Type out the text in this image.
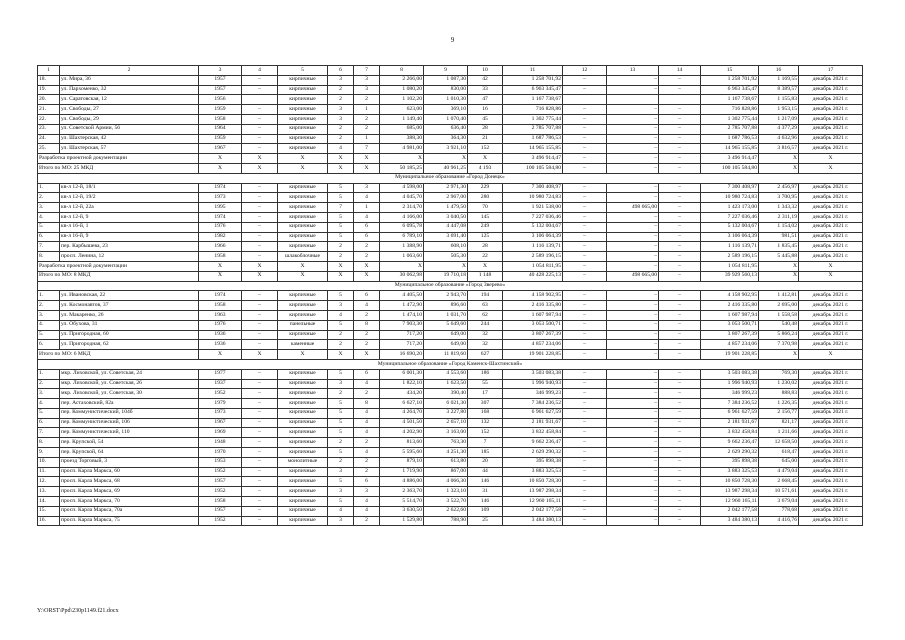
9
1	2	3	4	5	6	7	8	9	10	11	12	13	14	15	16	17
18.	ул. Мира, 36	1957	–	кирпичные	3	3	2 266,00	1 087,30	42	1 258 701,92	–	–	–	1 258 701,92	1 169,55	декабрь 2021 г.
19.	ул. Пархоменко, 32	1957	–	кирпичные	2	3	1 080,20	830,00	33	6 963 345,47	–	–	–	6 963 345,47	8 389,57	декабрь 2021 г.
20.	ул. Саратовская, 12	1956		кирпичные	2	2	1 102,20	1 010,30	47	1 167 738,67				1 167 738,67	1 155,83	декабрь 2021 г.
21.	ул. Свободы, 27	1959	–	кирпичные	3	1	623,00	369,10	16	716 828,86	–	–	–	716 828,86	1 953,15	декабрь 2021 г.
22.	ул. Свободы, 29	1958	–	кирпичные	3	2	1 149,40	1 070,40	45	1 302 775,44	–	–	–	1 302 775,44	1 217,09	декабрь 2021 г.
23.	ул. Советской Армии, 56	1964	–	кирпичные	2	2	685,00	636,40	28	2 785 707,88	–	–	–	2 785 707,88	4 377,29	декабрь 2021 г.
24.	ул. Шахтерская, 42	1959	–	кирпичные	2	1	388,30	364,30	21	1 687 786,53	–	–	–	1 687 786,53	4 632,96	декабрь 2021 г.
25.	ул. Шахтерская, 57	1967	–	кирпичные	4	7	4 981,00	3 921,10	152	14 965 155,85	–	–	–	14 965 155,85	3 816,57	декабрь 2021 г.
Разработка проектной документации		X	X	X	X	X	X	X	X	3 496 914,47	–	–	–	3 496 914,47	X	X
Итого по МО: 25 МКД		X	X	X	X	X	50 185,25	40 961,25	4 193	100 105 584,80	–	–	–	100 105 584,80	X	X
Муниципальное образование «Город Донецк»																
1.	кв-л 12-й, 18/1	1974	–	кирпичные	5	3	4 598,00	2 971,30	229	7 300 408,97	–	–	–	7 300 408,97	2 456,97	декабрь 2021 г.
2.	кв-л 12-й, 19/2	1973	–	кирпичные	5	4	4 045,70	2 967,00	280	10 980 724,83	–	–	–	10 980 724,83	3 700,95	декабрь 2021 г.
3.	кв-л 12-й, 22а	1995	–	кирпичные	7	1	2 314,70	1 479,50	70	1 921 538,00	–	498 665,00	–	1 423 173,00	1 343,32	декабрь 2021 г.
4.	кв-л 12-й, 9	1974	–	кирпичные	5	4	4 166,00	3 040,50	145	7 227 036,46	–	–	–	7 227 036,46	2 311,19	декабрь 2021 г.
5.	кв-л 16-й, 1	1976	–	кирпичные	5	6	6 095,78	4 447,08	249	5 132 004,67	–	–	–	5 132 004,67	1 154,02	декабрь 2021 г.
6.	кв-л 16-й, 9	1982	–	кирпичные	5	6	6 789,10	3 691,40	125	3 106 064,39	–	–	–	3 106 064,39	981,51	декабрь 2021 г.
7.	пер. Карбышева, 23	1966	–	кирпичные	2	2	1 388,90	608,10	28	1 116 139,71	–	–	–	1 116 139,71	1 835,45	декабрь 2021 г.
8.	просп. Ленина, 12	1958	–	шлакоблочные	2	2	1 063,60	505,30	22	2 589 196,15	–	–	–	2 589 196,15	5 445,88	декабрь 2021 г.
Разработка проектной документации		X	X	X	X	X	X	X	X	1 054 811,95	–	–	–	1 054 811,95	X	X
Итого по МО: 8 МКД		X	X	X	X	X	30 062,98	19 710,18	1 148	40 428 225,13	–	498 665,00	–	39 929 560,13	X	X
Муниципальное образование «Город Зверево»																
1.	ул. Ивановская, 22	1974	–	кирпичные	5	6	4 405,50	2 943,70	194	4 158 902,95	–	–	–	4 158 902,95	1 412,81	декабрь 2021 г.
2.	ул. Космонавтов, 37	1958	–	кирпичные	3	4	1 472,90	896,60	63	2 416 335,80	–	–	–	2 416 335,80	2 695,00	декабрь 2021 г.
3.	ул. Макаренко, 26	1963	–	кирпичные	4	2	1 474,10	1 031,70	62	1 607 987,94	–	–	–	1 607 987,94	1 558,58	декабрь 2021 г.
4.	ул. Обухова, 31	1976	–	панельные	5	8	7 903,30	5 649,60	244	3 053 500,71	–	–	–	3 053 500,71	540,48	декабрь 2021 г.
5.	ул. Пригородная, 60	1936	–	кирпичные	2	2	717,20	649,00	32	3 807 267,39	–	–	–	3 807 267,39	5 866,24	декабрь 2021 г.
6.	ул. Пригородная, 62	1936	–	каменные	2	2	717,20	649,00	32	4 857 234,06	–	–	–	4 857 234,06	7 370,98	декабрь 2021 г.
Итого по МО: 6 МКД		X	X	X	X	X	16 690,20	11 819,60	627	19 901 228,85	–	–	–	19 901 228,85	X	X
Муниципальное образование «Город Каменск-Шахтинский»																
1.	мкр. Лиховской, ул. Советская, 24	1977	–	кирпичные	5	6	6 001,30	4 553,60	186	3 503 083,38	–	–	–	3 503 083,38	769,30	декабрь 2021 г.
2.	мкр. Лиховской, ул. Советская, 26	1937	–	кирпичные	3	4	1 822,10	1 623,50	55	1 996 940,93	–	–	–	1 996 940,93	1 230,02	декабрь 2021 г.
3.	мкр. Лиховской, ул. Советская, 30	1952	–	кирпичные	2	2	434,20	390,40	17	346 999,23	–	–	–	346 999,23	888,83	декабрь 2021 г.
4.	пер. Астаховский, 82а	1979	–	кирпичные	5	8	6 627,10	6 021,30	307	7 384 236,52	–	–	–	7 384 236,52	1 226,35	декабрь 2021 г.
5.	пер. Коммунистический, 104б	1973	–	кирпичные	5	4	4 264,70	3 227,80	168	6 961 627,59	–	–	–	6 961 627,59	2 156,77	декабрь 2021 г.
6.	пер. Коммунистический, 106	1967	–	кирпичные	5	4	4 501,50	2 657,10	132	2 181 931,67	–	–	–	2 181 931,67	821,17	декабрь 2021 г.
7.	пер. Коммунистический, 110	1969	–	кирпичные	5	4	4 202,90	3 163,00	152	3 832 458,84	–	–	–	3 832 458,84	1 211,66	декабрь 2021 г.
8.	пер. Крупской, 54	1948	–	кирпичные	2	2	813,60	763,30	7	9 662 236,47	–	–	–	9 662 236,47	12 658,50	декабрь 2021 г.
9.	пер. Крупской, 64	1970	–	кирпичные	5	4	5 595,60	4 251,30	185	2 629 290,32	–	–	–	2 629 290,32	618,47	декабрь 2021 г.
10.	проезд Торговый, 3	1953	–	монолитные	2	2	879,10	613,80	20	395 898,38	–	–	–	395 898,38	645,00	декабрь 2021 г.
11.	просп. Карла Маркса, 60	1952	–	кирпичные	3	2	1 719,90	867,00	44	3 883 325,53	–	–	–	3 883 325,53	4 479,04	декабрь 2021 г.
12.	просп. Карла Маркса, 68	1957	–	кирпичные	5	6	4 886,00	4 066,30	146	10 850 728,30	–	–	–	10 850 728,30	2 668,45	декабрь 2021 г.
13.	просп. Карла Маркса, 69	1952	–	кирпичные	3	3	2 363,70	1 323,10	31	13 987 298,34	–	–	–	13 987 298,34	10 571,61	декабрь 2021 г.
14.	просп. Карла Маркса, 70	1958	–	кирпичные	5	4	5 514,70	3 522,70	146	12 960 165,11	–	–	–	12 960 165,11	3 679,04	декабрь 2021 г.
15.	просп. Карла Маркса, 70а	1957	–	кирпичные	4	4	3 630,50	2 622,60	109	2 042 177,58	–	–	–	2 042 177,58	778,68	декабрь 2021 г.
16.	просп. Карла Маркса, 75	1952	–	кирпичные	3	2	1 529,80	788,90	25	3 484 380,13	–	–	–	3 484 380,13	4 416,76	декабрь 2021 г.
Y:\ORST\Ppd\230p1149.f21.docx
